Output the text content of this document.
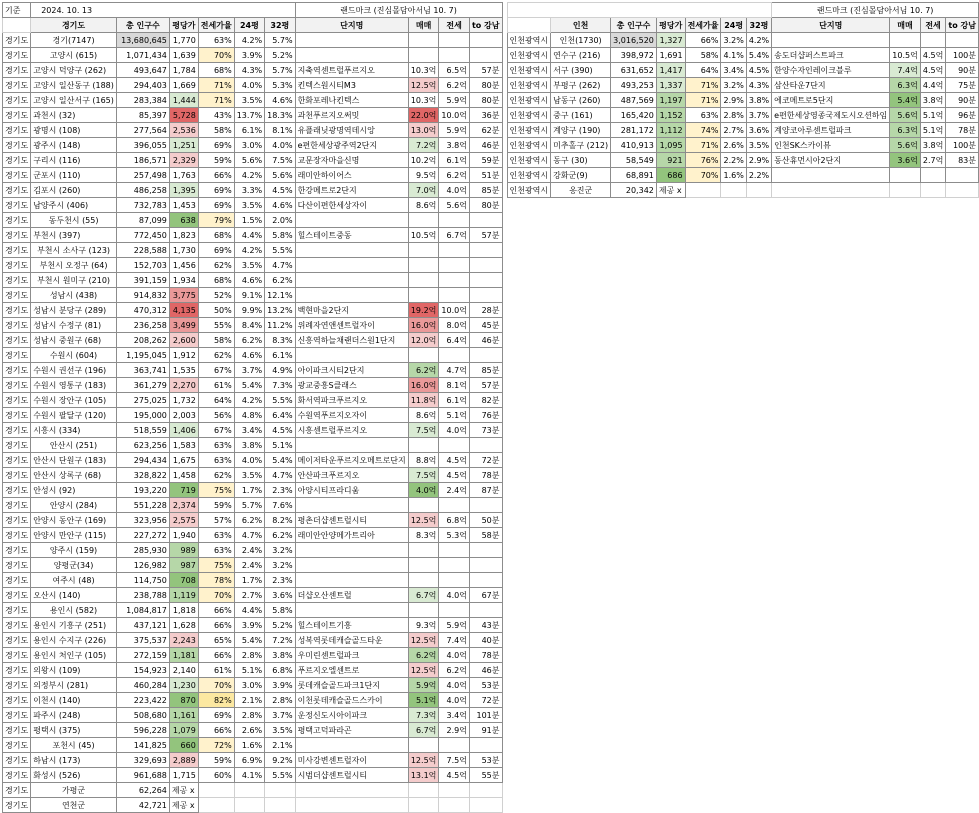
기준	2024. 10. 13						랜드마크 (진심몰담아서님 10. 7)												랜드마크 (진심몰담아서님 10. 7)			
	경기도	총 인구수	평당가	전세가율	24평	32평	단지명	매매	전세	to 강남			인천	총 인구수	평당가	전세가율	24평	32평	단지명	매매	전세	to 강남
경기도	경기(7147)	13,680,645	1,770	63%	4.2%	5.7%						인천광역시	인천(1730)	3,016,520	1,327	66%	3.2%	4.2%				
경기도	고양시 (615)	1,071,434	1,639	70%	3.9%	5.2%						인천광역시	연수구 (216)	398,972	1,691	58%	4.1%	5.4%	송도더샵퍼스트파크	10.5억	4.5억	100분
경기도	고양시 덕양구 (262)	493,647	1,784	68%	4.3%	5.7%	지축역센트럴푸르지오	10.3억	6.5억	57분		인천광역시	서구 (390)	631,652	1,417	64%	3.4%	4.5%	한양수자인레이크블루	7.4억	4.5억	90분
경기도	고양시 일산동구 (188)	294,403	1,669	71%	4.0%	5.3%	킨텍스원시티M3	12.5억	6.2억	80분		인천광역시	부평구 (262)	493,253	1,337	71%	3.2%	4.3%	삼산타운7단지	6.3억	4.4억	75분
경기도	고양시 일산서구 (165)	283,384	1,444	71%	3.5%	4.6%	한화포레나킨텍스	10.3억	5.9억	80분		인천광역시	남동구 (260)	487,569	1,197	71%	2.9%	3.8%	에코메트로5단지	5.4억	3.8억	90분
경기도	과천시 (32)	85,397	5,728	43%	13.7%	18.3%	과천푸르지오써밋	22.0억	10.0억	36분		인천광역시	중구 (161)	165,420	1,152	63%	2.8%	3.7%	e편한세상영종국제도시오션하임	5.6억	5.1억	96분
경기도	광명시 (108)	277,564	2,536	58%	6.1%	8.1%	유플래닛광명역데시앙	13.0억	5.9억	62분		인천광역시	계양구 (190)	281,172	1,112	74%	2.7%	3.6%	계양코아루센트럴파크	6.3억	5.1억	78분
경기도	광주시 (148)	396,055	1,251	69%	3.0%	4.0%	e편한세상광주역2단지	7.2억	3.8억	46분		인천광역시	미추홀구 (212)	410,913	1,095	71%	2.6%	3.5%	인천SK스카이뷰	5.6억	3.8억	100분
경기도	구리시 (116)	186,571	2,329	59%	5.6%	7.5%	교문장자마을신명	10.2억	6.1억	59분		인천광역시	동구 (30)	58,549	921	76%	2.2%	2.9%	동산휴먼시아2단지	3.6억	2.7억	83분
경기도	군포시 (110)	257,498	1,763	66%	4.2%	5.6%	래미안하이어스	9.5억	6.2억	51분		인천광역시	강화군(9)	68,891	686	70%	1.6%	2.2%				
경기도	김포시 (260)	486,258	1,395	69%	3.3%	4.5%	한강메트로2단지	7.0억	4.0억	85분		인천광역시	옹진군	20,342	제공 x							
경기도	남양주시 (406)	732,783	1,453	69%	3.5%	4.6%	다산이편한세상자이	8.6억	5.6억	80분												
경기도	동두천시 (55)	87,099	638	79%	1.5%	2.0%																
경기도	부천시 (397)	772,450	1,823	68%	4.4%	5.8%	힐스테이트중동	10.5억	6.7억	57분												
경기도	부천시 소사구 (123)	228,588	1,730	69%	4.2%	5.5%																
경기도	부천시 오정구 (64)	152,703	1,456	62%	3.5%	4.7%																
경기도	부천시 원미구 (210)	391,159	1,934	68%	4.6%	6.2%																
경기도	성남시 (438)	914,832	3,775	52%	9.1%	12.1%																
경기도	성남시 분당구 (289)	470,312	4,135	50%	9.9%	13.2%	백현마을2단지	19.2억	10.0억	28분												
경기도	성남시 수정구 (81)	236,258	3,499	55%	8.4%	11.2%	위례자연앤센트럴자이	16.0억	8.0억	45분												
경기도	성남시 중원구 (68)	208,262	2,600	58%	6.2%	8.3%	신흥역하늘채랜더스원1단지	12.0억	6.4억	46분												
경기도	수원시 (604)	1,195,045	1,912	62%	4.6%	6.1%																
경기도	수원시 권선구 (196)	363,741	1,535	67%	3.7%	4.9%	아이파크시티2단지	6.2억	4.7억	85분												
경기도	수원시 영통구 (183)	361,279	2,270	61%	5.4%	7.3%	광교중흥S클래스	16.0억	8.1억	57분												
경기도	수원시 장안구 (105)	275,025	1,732	64%	4.2%	5.5%	화서역파크푸르지오	11.8억	6.1억	82분												
경기도	수원시 팔달구 (120)	195,000	2,003	56%	4.8%	6.4%	수원역푸르지오자이	8.6억	5.1억	76분												
경기도	시흥시 (334)	518,559	1,406	67%	3.4%	4.5%	시흥센트럴푸르지오	7.5억	4.0억	73분												
경기도	안산시 (251)	623,256	1,583	63%	3.8%	5.1%																
경기도	안산시 단원구 (183)	294,434	1,675	63%	4.0%	5.4%	메이저타운푸르지오메트로단지	8.8억	4.5억	72분												
경기도	안산시 상록구 (68)	328,822	1,458	62%	3.5%	4.7%	안산파크푸르지오	7.5억	4.5억	78분												
경기도	안성시 (92)	193,220	719	75%	1.7%	2.3%	아양시티프라디움	4.0억	2.4억	87분												
경기도	안양시 (284)	551,228	2,374	59%	5.7%	7.6%																
경기도	안양시 동안구 (169)	323,956	2,575	57%	6.2%	8.2%	평촌더샵센트럴시티	12.5억	6.8억	50분												
경기도	안양시 만안구 (115)	227,272	1,940	63%	4.7%	6.2%	래미안안양메가트리아	8.3억	5.3억	58분												
경기도	양주시 (159)	285,930	989	63%	2.4%	3.2%																
경기도	양평군(34)	126,982	987	75%	2.4%	3.2%																
경기도	여주시 (48)	114,750	708	78%	1.7%	2.3%																
경기도	오산시 (140)	238,788	1,119	70%	2.7%	3.6%	더샵오산센트럴	6.7억	4.0억	67분												
경기도	용인시 (582)	1,084,817	1,818	66%	4.4%	5.8%																
경기도	용인시 기흥구 (251)	437,121	1,628	66%	3.9%	5.2%	힐스테이트기흥	9.3억	5.9억	43분												
경기도	용인시 수지구 (226)	375,537	2,243	65%	5.4%	7.2%	성복역롯데캐슬골드타운	12.5억	7.4억	40분												
경기도	용인시 처인구 (105)	272,159	1,181	66%	2.8%	3.8%	우미린센트럴파크	6.2억	4.0억	78분												
경기도	의왕시 (109)	154,923	2,140	61%	5.1%	6.8%	푸르지오엘센트로	12.5억	6.2억	46분												
경기도	의정부시 (281)	460,284	1,230	70%	3.0%	3.9%	롯데캐슬골드파크1단지	5.9억	4.0억	53분												
경기도	이천시 (140)	223,422	870	82%	2.1%	2.8%	이천롯데캐슬골드스카이	5.1억	4.0억	72분												
경기도	파주시 (248)	508,680	1,161	69%	2.8%	3.7%	운정신도시아이파크	7.3억	3.4억	101분												
경기도	평택시 (375)	596,228	1,079	66%	2.6%	3.5%	평택고덕파라곤	6.7억	2.9억	91분												
경기도	포천시 (45)	141,825	660	72%	1.6%	2.1%																
경기도	하남시 (173)	329,693	2,889	59%	6.9%	9.2%	미사강변센트럴자이	12.5억	7.5억	53분												
경기도	화성시 (526)	961,688	1,715	60%	4.1%	5.5%	시범더샵센트럴시티	13.1억	4.5억	55분												
경기도	가평군	62,264	제공 x																			
경기도	연천군	42,721	제공 x																			
